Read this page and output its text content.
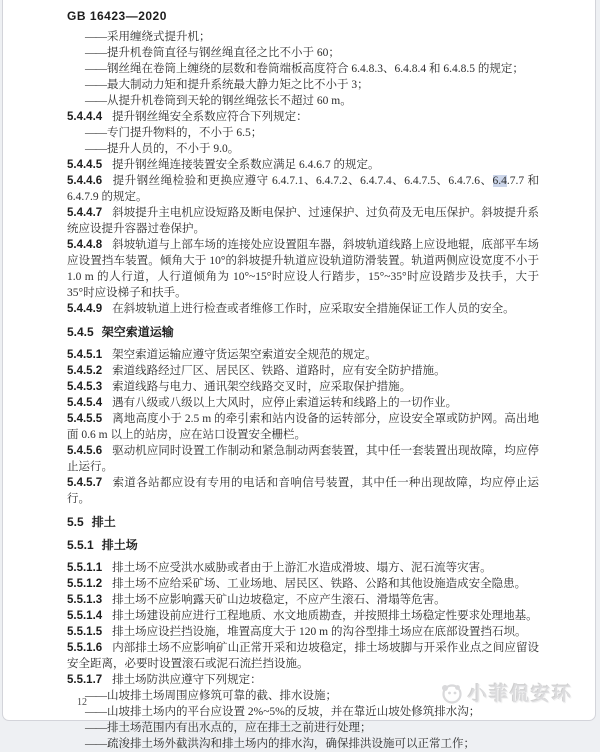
GB 16423—2020

——采用缠绕式提升机；

——提升机卷筒直径与钢丝绳直径之比不小于 60；

——钢丝绳在卷筒上缠绕的层数和卷筒端板高度符合 6.4.8.3、6.4.8.4 和 6.4.8.5 的规定；

——最大制动力矩和提升系统最大静力矩之比不小于 3；

——从提升机卷筒到天轮的钢丝绳弦长不超过 60 m。

5.4.4.4 提升钢丝绳安全系数应符合下列规定：

——专门提升物料的，不小于 6.5；

——提升人员的，不小于 9.0。

5.4.4.5 提升钢丝绳连接装置安全系数应满足 6.4.6.7 的规定。

5.4.4.6 提升钢丝绳检验和更换应遵守 6.4.7.1、6.4.7.2、6.4.7.4、6.4.7.5、6.4.7.6、6.4.7.7 和 6.4.7.9 的规定。

5.4.4.7 斜坡提升主电机应设短路及断电保护、过速保护、过负荷及无电压保护。斜坡提升系统应设提升容器过卷保护。

5.4.4.8 斜坡轨道与上部车场的连接处应设置阻车器，斜坡轨道线路上应设地辊，底部平车场应设置挡车装置。倾角大于 10°的斜坡提升轨道应设轨道防滑装置。轨道两侧应设宽度不小于 1.0 m 的人行道，人行道倾角为 10°~15°时应设人行踏步，15°~35°时应设踏步及扶手，大于 35°时应设梯子和扶手。

5.4.4.9 在斜坡轨道上进行检查或者维修工作时，应采取安全措施保证工作人员的安全。

5.4.5 架空索道运输

5.4.5.1 架空索道运输应遵守货运架空索道安全规范的规定。

5.4.5.2 索道线路经过厂区、居民区、铁路、道路时，应有安全防护措施。

5.4.5.3 索道线路与电力、通讯架空线路交叉时，应采取保护措施。

5.4.5.4 遇有八级或八级以上大风时，应停止索道运转和线路上的一切作业。

5.4.5.5 离地高度小于 2.5 m 的牵引索和站内设备的运转部分，应设安全罩或防护网。高出地面 0.6 m 以上的站房，应在站口设置安全栅栏。

5.4.5.6 驱动机应同时设置工作制动和紧急制动两套装置，其中任一套装置出现故障，均应停止运行。

5.4.5.7 索道各站都应设有专用的电话和音响信号装置，其中任一种出现故障，均应停止运行。

5.5 排土

5.5.1 排土场

5.5.1.1 排土场不应受洪水威胁或者由于上游汇水造成滑坡、塌方、泥石流等灾害。

5.5.1.2 排土场不应给采矿场、工业场地、居民区、铁路、公路和其他设施造成安全隐患。

5.5.1.3 排土场不应影响露天矿山边坡稳定，不应产生滚石、滑塌等危害。

5.5.1.4 排土场建设前应进行工程地质、水文地质勘查，并按照排土场稳定性要求处理地基。

5.5.1.5 排土场应设拦挡设施，堆置高度大于 120 m 的沟谷型排土场应在底部设置挡石坝。

5.5.1.6 内部排土场不应影响矿山正常开采和边坡稳定，排土场坡脚与开采作业点之间应留设安全距离，必要时设置滚石或泥石流拦挡设施。

5.5.1.7 排土场防洪应遵守下列规定：

——山坡排土场周围应修筑可靠的截、排水设施；

——山坡排土场内的平台应设置 2%~5%的反坡，并在靠近山坡处修筑排水沟；

——排土场范围内有出水点的，应在排土之前进行处理；

——疏浚排土场外截洪沟和排土场内的排水沟，确保排洪设施可以正常工作；

12	小菲侃安环
